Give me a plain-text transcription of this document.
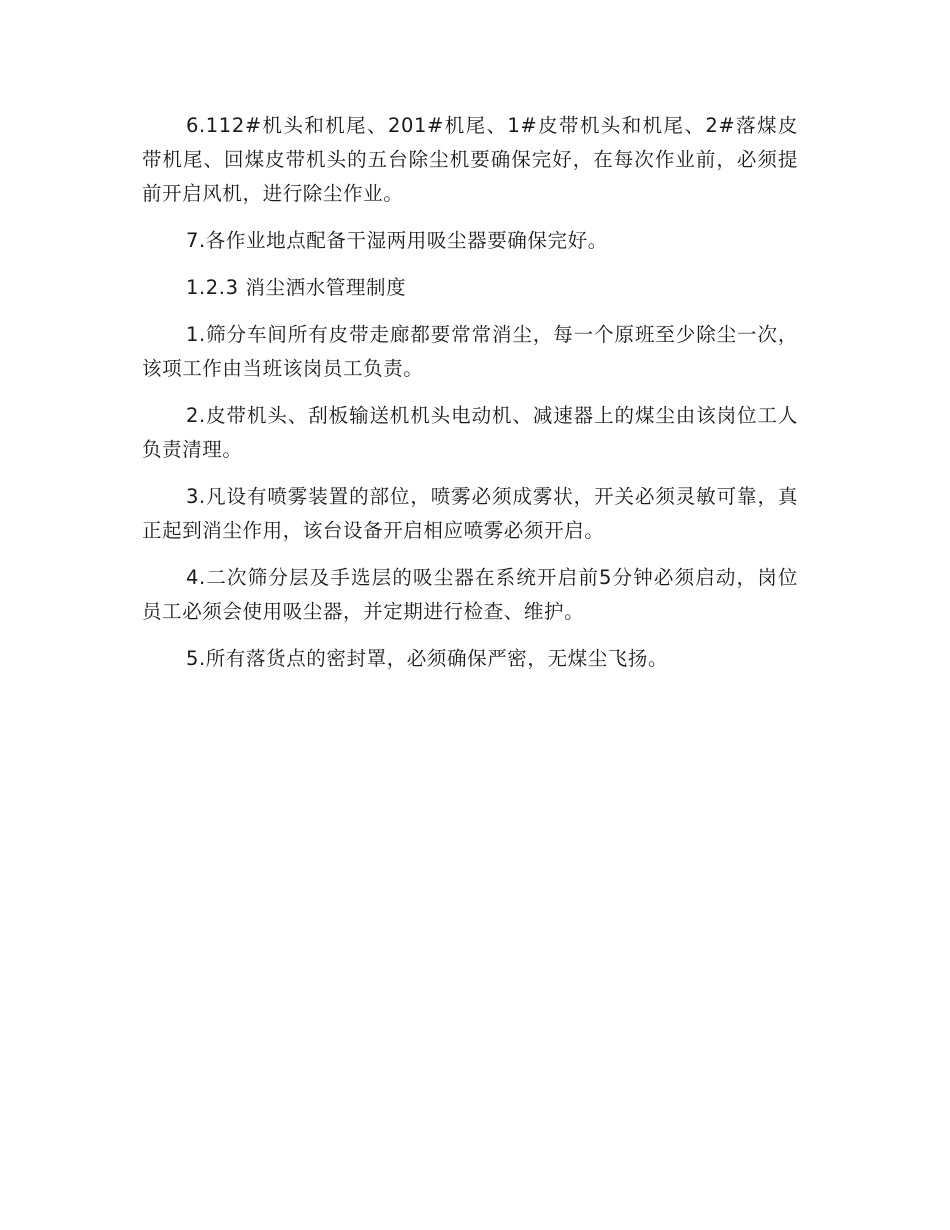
6.112#机头和机尾、201#机尾、1#皮带机头和机尾、2#落煤皮带机尾、回煤皮带机头的五台除尘机要确保完好，在每次作业前，必须提前开启风机，进行除尘作业。

7.各作业地点配备干湿两用吸尘器要确保完好。

1.2.3 消尘洒水管理制度

1.筛分车间所有皮带走廊都要常常消尘，每一个原班至少除尘一次，该项工作由当班该岗员工负责。

2.皮带机头、刮板输送机机头电动机、减速器上的煤尘由该岗位工人负责清理。

3.凡设有喷雾装置的部位，喷雾必须成雾状，开关必须灵敏可靠，真正起到消尘作用，该台设备开启相应喷雾必须开启。

4.二次筛分层及手选层的吸尘器在系统开启前5分钟必须启动，岗位员工必须会使用吸尘器，并定期进行检查、维护。

5.所有落货点的密封罩，必须确保严密，无煤尘飞扬。
